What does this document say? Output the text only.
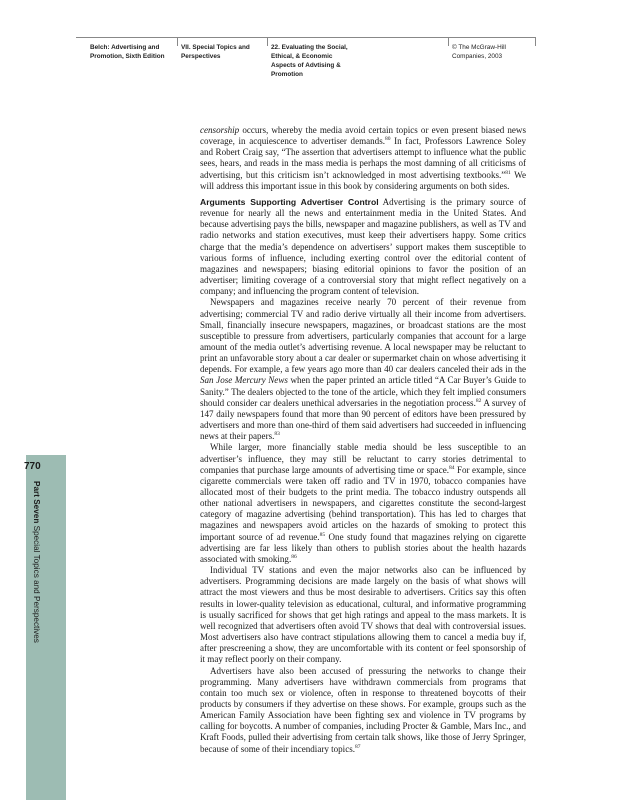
Belch: Advertising and
Promotion, Sixth Edition
VII. Special Topics and
Perspectives
22. Evaluating the Social,
Ethical, & Economic
Aspects of Advtising &
Promotion
© The McGraw-Hill
Companies, 2003
770
Part Seven Special Topics and Perspectives

censorship occurs, whereby the media avoid certain topics or even present biased news coverage, in acquiescence to advertiser demands.$^{80}$ In fact, Professors Lawrence Soley and Robert Craig say, “The assertion that advertisers attempt to influence what the public sees, hears, and reads in the mass media is perhaps the most damning of all criticisms of advertising, but this criticism isn’t acknowledged in most advertising textbooks.”$^{81}$ We will address this important issue in this book by considering arguments on both sides.

Arguments Supporting Advertiser Control Advertising is the primary source of revenue for nearly all the news and entertainment media in the United States. And because advertising pays the bills, newspaper and magazine publishers, as well as TV and radio networks and station executives, must keep their advertisers happy. Some critics charge that the media’s dependence on advertisers’ support makes them susceptible to various forms of influence, including exerting control over the editorial content of magazines and newspapers; biasing editorial opinions to favor the position of an advertiser; limiting coverage of a controversial story that might reflect negatively on a company; and influencing the program content of television.

Newspapers and magazines receive nearly 70 percent of their revenue from advertising; commercial TV and radio derive virtually all their income from advertisers. Small, financially insecure newspapers, magazines, or broadcast stations are the most susceptible to pressure from advertisers, particularly companies that account for a large amount of the media outlet’s advertising revenue. A local newspaper may be reluctant to print an unfavorable story about a car dealer or supermarket chain on whose advertising it depends. For example, a few years ago more than 40 car dealers canceled their ads in the San Jose Mercury News when the paper printed an article titled “A Car Buyer’s Guide to Sanity.” The dealers objected to the tone of the article, which they felt implied consumers should consider car dealers unethical adversaries in the negotiation process.$^{82}$ A survey of 147 daily newspapers found that more than 90 percent of editors have been pressured by advertisers and more than one-third of them said advertisers had succeeded in influencing news at their papers.$^{83}$

While larger, more financially stable media should be less susceptible to an advertiser’s influence, they may still be reluctant to carry stories detrimental to companies that purchase large amounts of advertising time or space.$^{84}$ For example, since cigarette commercials were taken off radio and TV in 1970, tobacco companies have allocated most of their budgets to the print media. The tobacco industry outspends all other national advertisers in newspapers, and cigarettes constitute the second-largest category of magazine advertising (behind transportation). This has led to charges that magazines and newspapers avoid articles on the hazards of smoking to protect this important source of ad revenue.$^{85}$ One study found that magazines relying on cigarette advertising are far less likely than others to publish stories about the health hazards associated with smoking.$^{86}$

Individual TV stations and even the major networks also can be influenced by advertisers. Programming decisions are made largely on the basis of what shows will attract the most viewers and thus be most desirable to advertisers. Critics say this often results in lower-quality television as educational, cultural, and informative programming is usually sacrificed for shows that get high ratings and appeal to the mass markets. It is well recognized that advertisers often avoid TV shows that deal with controversial issues. Most advertisers also have contract stipulations allowing them to cancel a media buy if, after prescreening a show, they are uncomfortable with its content or feel sponsorship of it may reflect poorly on their company.

Advertisers have also been accused of pressuring the networks to change their programming. Many advertisers have withdrawn commercials from programs that contain too much sex or violence, often in response to threatened boycotts of their products by consumers if they advertise on these shows. For example, groups such as the American Family Association have been fighting sex and violence in TV programs by calling for boycotts. A number of companies, including Procter & Gamble, Mars Inc., and Kraft Foods, pulled their advertising from certain talk shows, like those of Jerry Springer, because of some of their incendiary topics.$^{87}$
